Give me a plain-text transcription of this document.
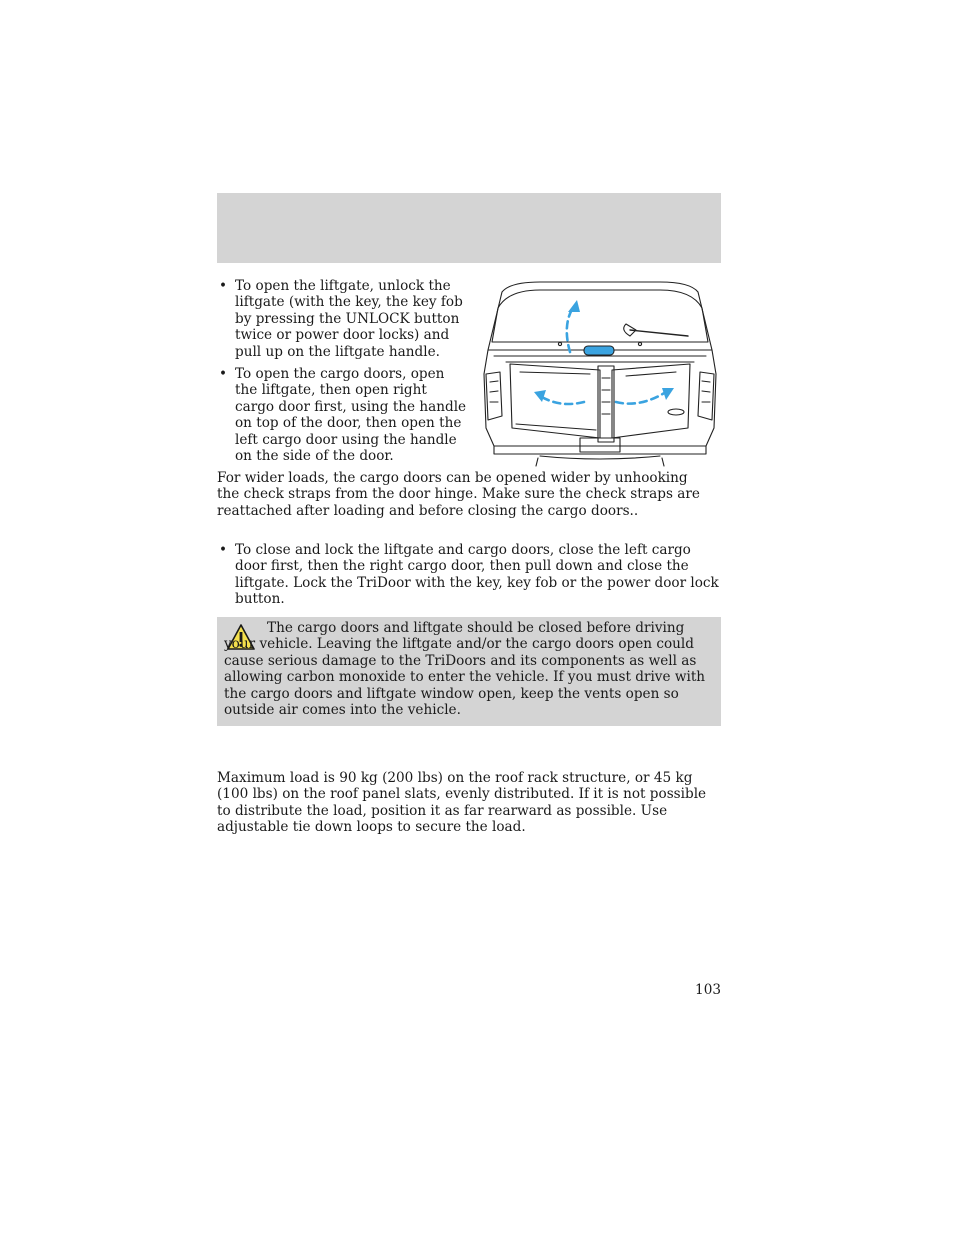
• To open the liftgate, unlock the liftgate (with the key, the key fob by pressing the UNLOCK button twice or power door locks) and pull up on the liftgate handle.
• To open the cargo doors, open the liftgate, then open right cargo door first, using the handle on top of the door, then open the left cargo door using the handle on the side of the door.
For wider loads, the cargo doors can be opened wider by unhooking the check straps from the door hinge. Make sure the check straps are reattached after loading and before closing the cargo doors..
• To close and lock the liftgate and cargo doors, close the left cargo door first, then the right cargo door, then pull down and close the liftgate. Lock the TriDoor with the key, key fob or the power door lock button.
The cargo doors and liftgate should be closed before driving your vehicle. Leaving the liftgate and/or the cargo doors open could cause serious damage to the TriDoors and its components as well as allowing carbon monoxide to enter the vehicle. If you must drive with the cargo doors and liftgate window open, keep the vents open so outside air comes into the vehicle.
Maximum load is 90 kg (200 lbs) on the roof rack structure, or 45 kg (100 lbs) on the roof panel slats, evenly distributed. If it is not possible to distribute the load, position it as far rearward as possible. Use adjustable tie down loops to secure the load.
103
